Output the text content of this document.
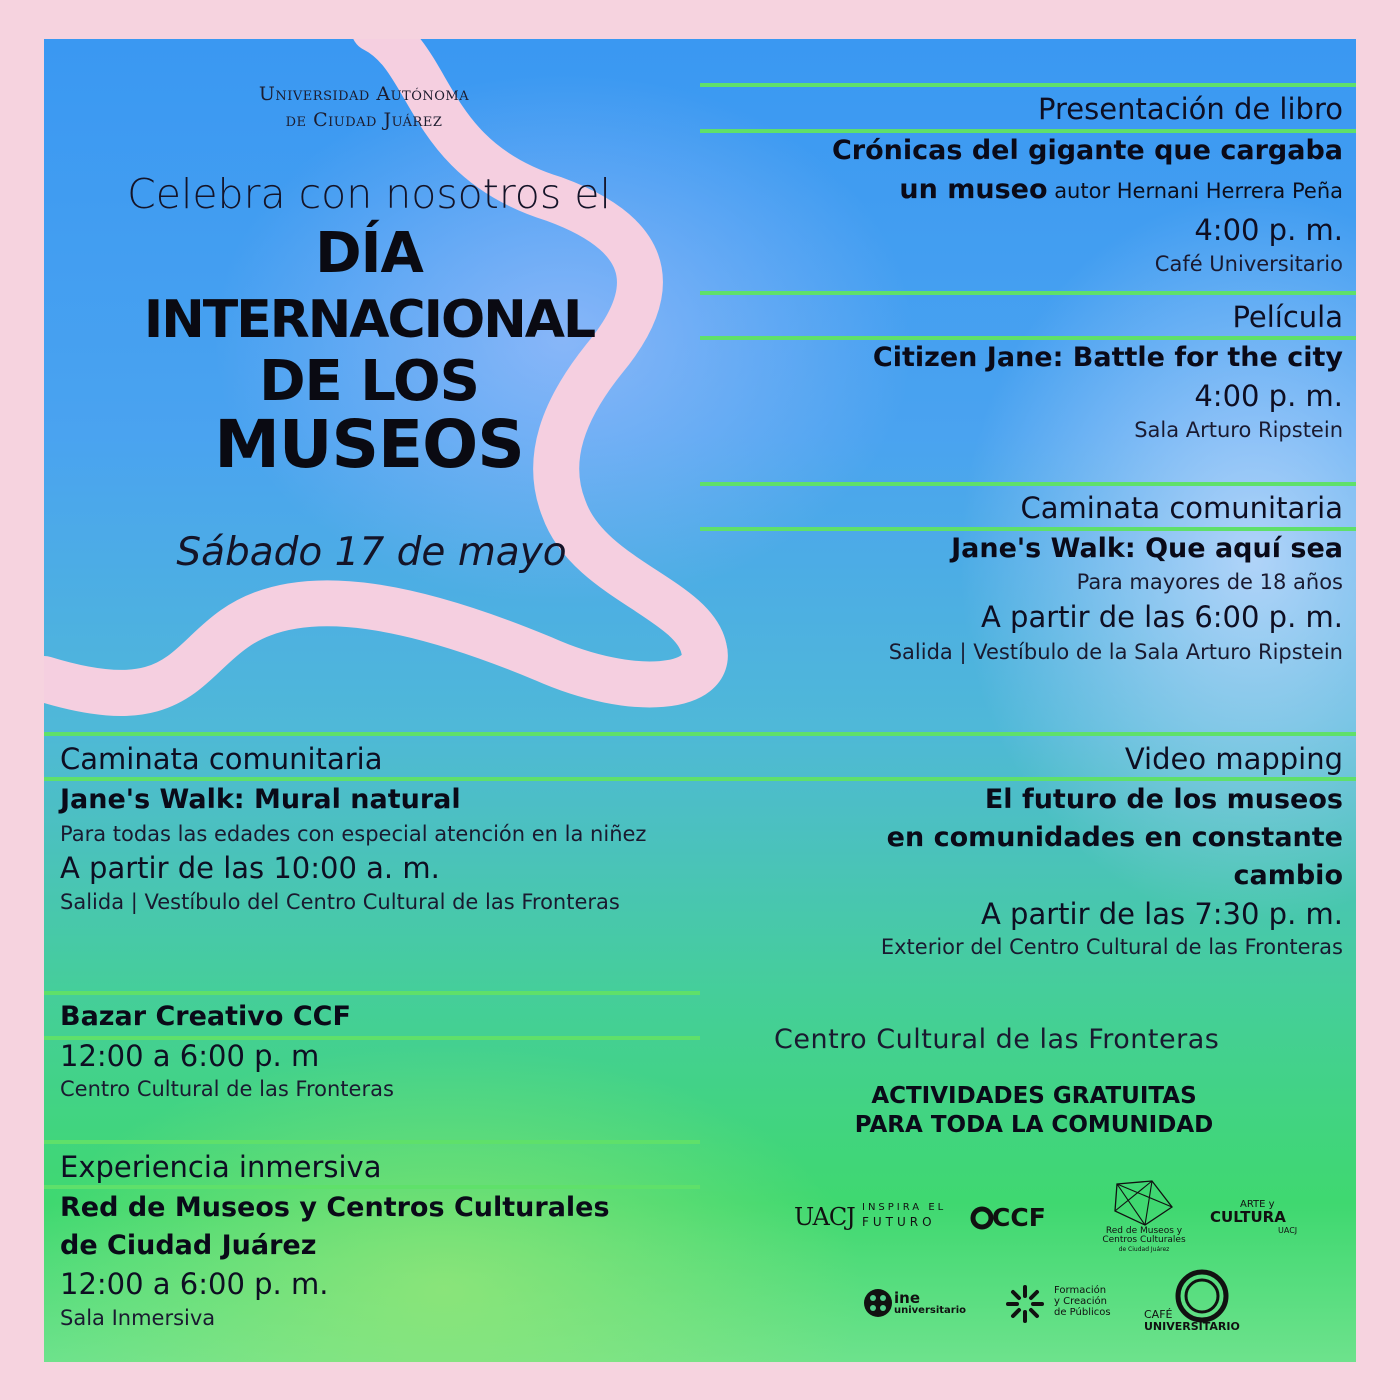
Universidad Autónoma
de Ciudad Juárez
Celebra con nosotros el
DÍA
INTERNACIONAL
DE LOS
MUSEOS
Sábado 17 de mayo
Presentación de libro
Crónicas del gigante que cargaba
un museo autor Hernani Herrera Peña
4:00 p. m.
Café Universitario
Película
Citizen Jane: Battle for the city
4:00 p. m.
Sala Arturo Ripstein
Caminata comunitaria
Jane's Walk: Que aquí sea
Para mayores de 18 años
A partir de las 6:00 p. m.
Salida | Vestíbulo de la Sala Arturo Ripstein
Video mapping
El futuro de los museos
en comunidades en constante
cambio
A partir de las 7:30 p. m.
Exterior del Centro Cultural de las Fronteras
Caminata comunitaria
Jane's Walk: Mural natural
Para todas las edades con especial atención en la niñez
A partir de las 10:00 a. m.
Salida | Vestíbulo del Centro Cultural de las Fronteras
Bazar Creativo CCF
12:00 a 6:00 p. m
Centro Cultural de las Fronteras
Experiencia inmersiva
Red de Museos y Centros Culturales
de Ciudad Juárez
12:00 a 6:00 p. m.
Sala Inmersiva
Centro Cultural de las Fronteras
ACTIVIDADES GRATUITAS
PARA TODA LA COMUNIDAD
UACJ INSPIRA EL
FUTURO CCF	Red de Museos y
Centros Culturales
de Ciudad Juárez
ARTE y
CULTURA
UACJ
ine
universitario
Formación
y Creación
de Públicos	CAFÉ
UNIVERSITARIO
